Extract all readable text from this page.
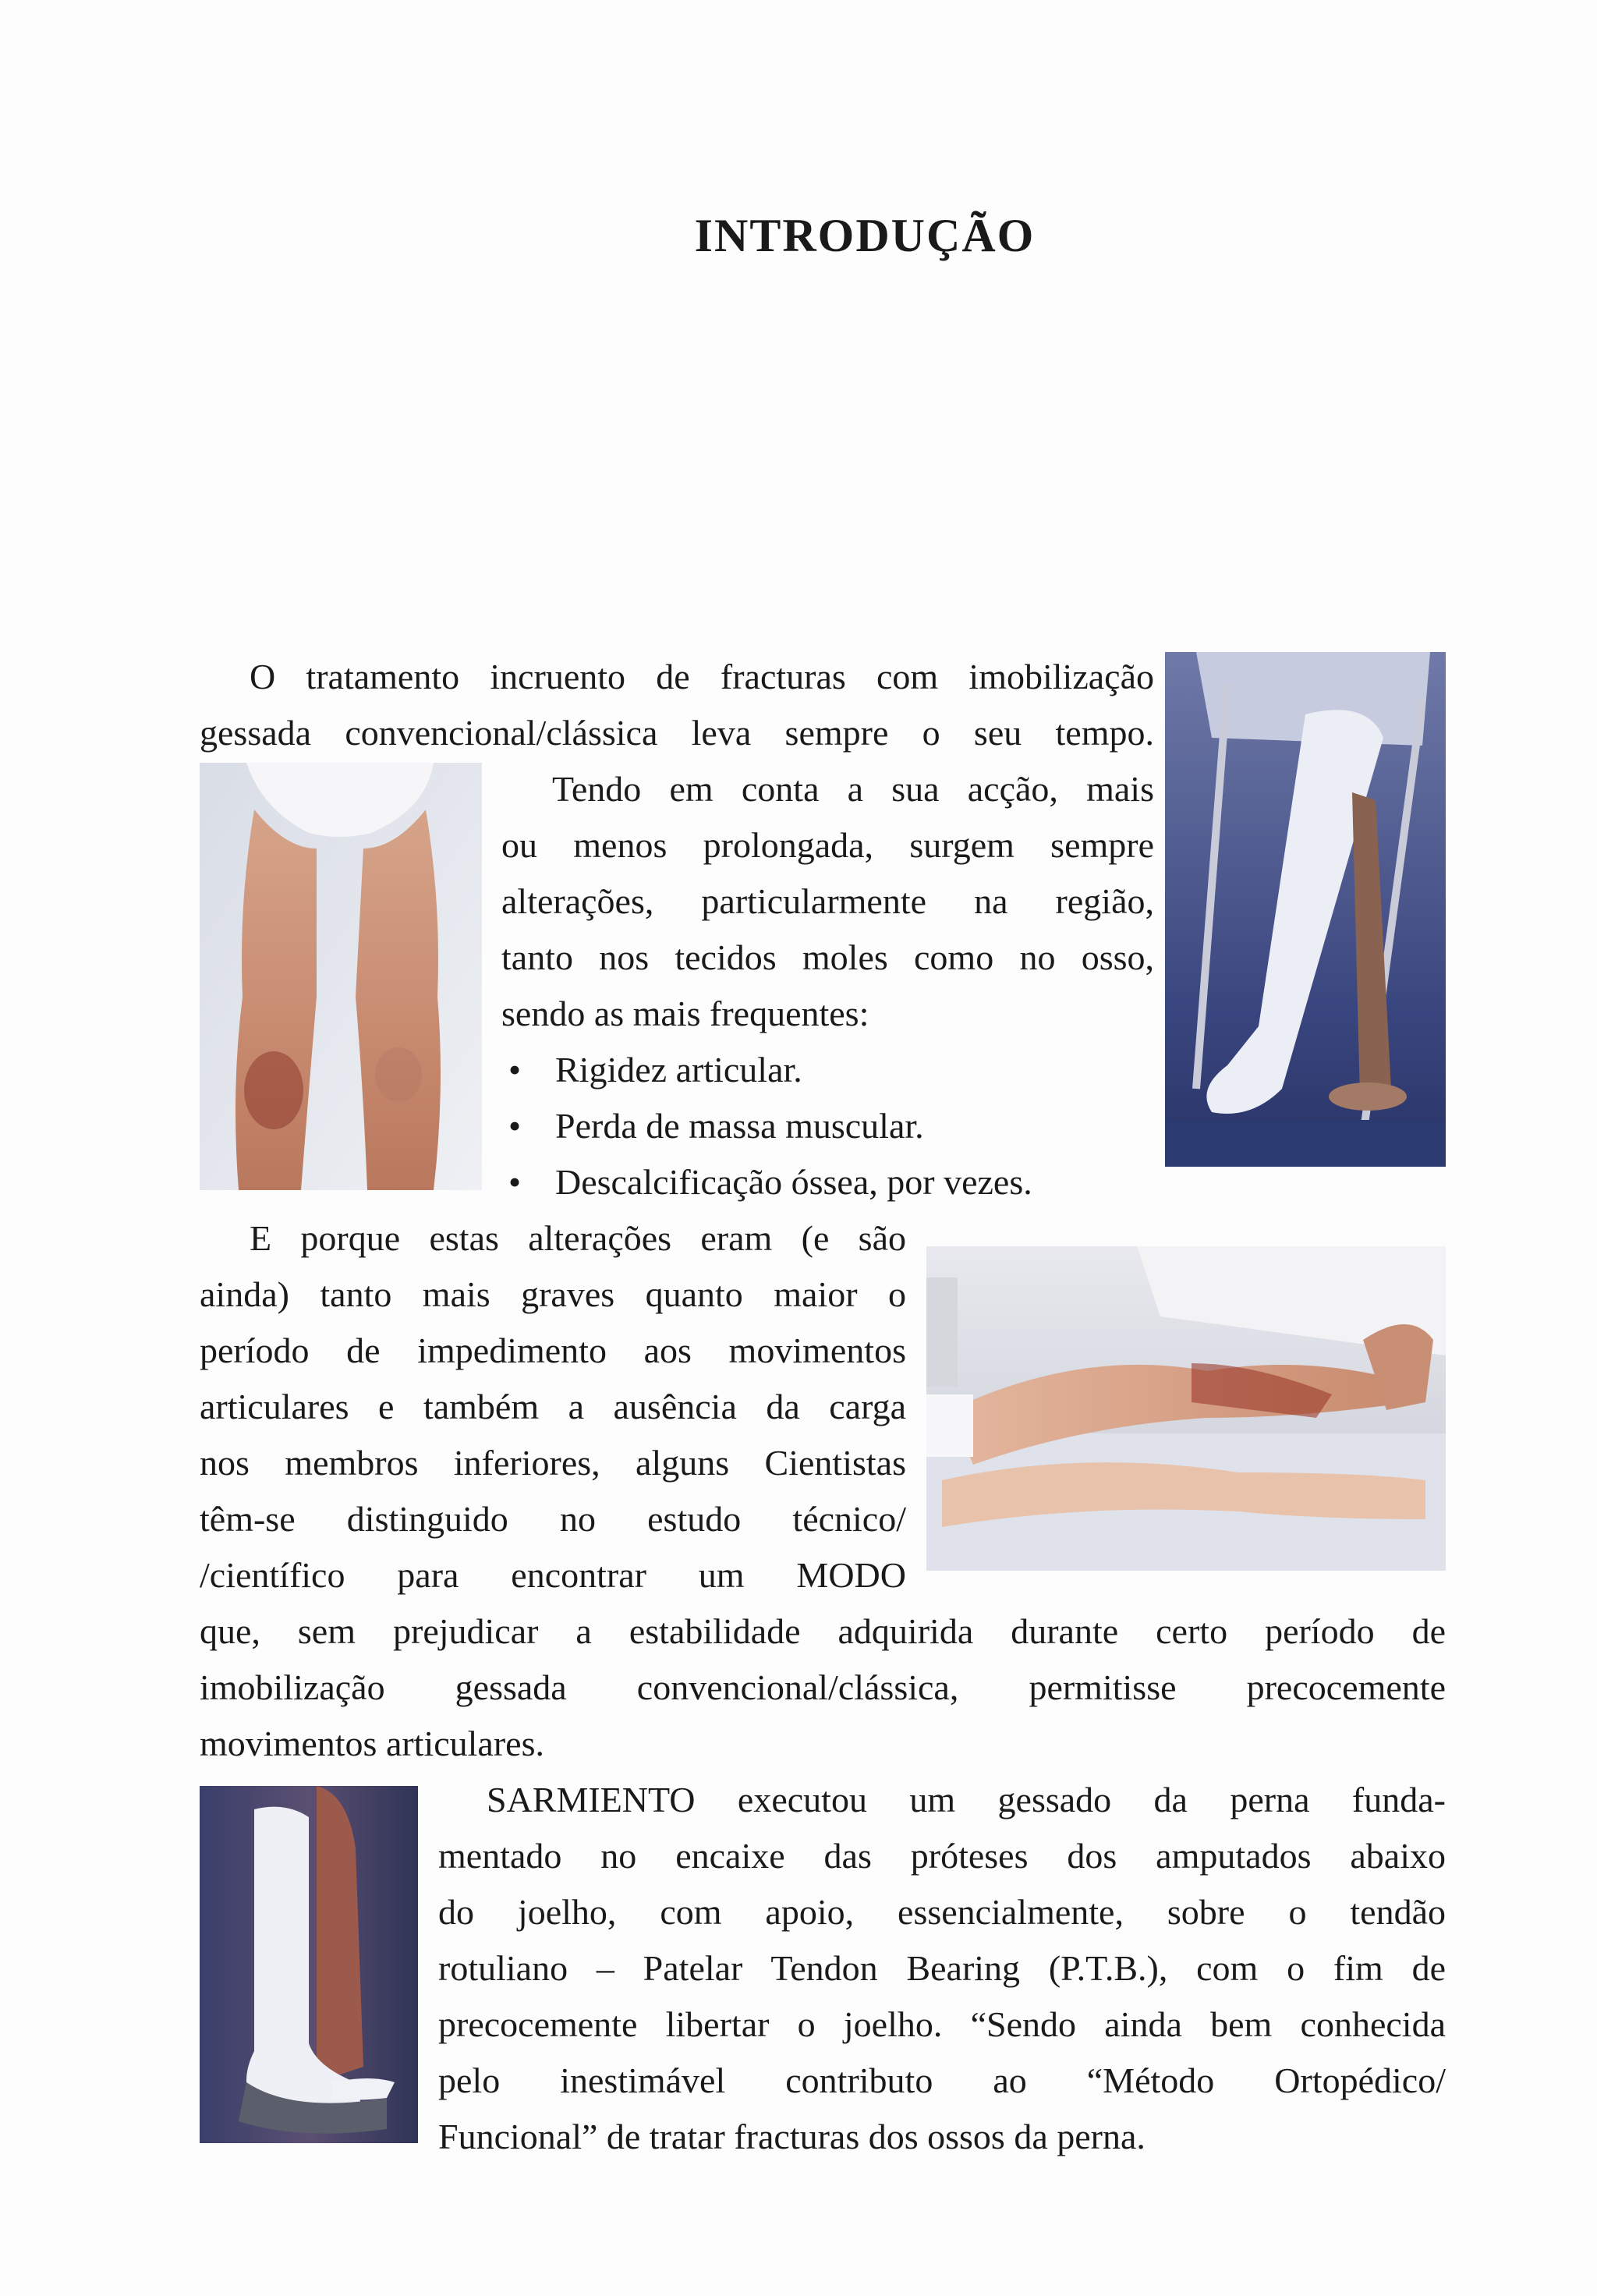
INTRODUÇÃO
O tratamento incruento de fracturas com imobilização
gessada convencional/clássica leva sempre o seu tempo.
Tendo em conta a sua acção, mais
ou menos prolongada, surgem sempre
alterações, particularmente na região,
tanto nos tecidos moles como no osso,
sendo as mais frequentes:
• Rigidez articular.
• Perda de massa muscular.
• Descalcificação óssea, por vezes.
E porque estas alterações eram (e são
ainda) tanto mais graves quanto maior o
período de impedimento aos movimentos
articulares e também a ausência da carga
nos membros inferiores, alguns Cientistas
têm-se distinguido no estudo técnico/
/científico para encontrar um MODO
que, sem prejudicar a estabilidade adquirida durante certo período de
imobilização gessada convencional/clássica, permitisse precocemente
movimentos articulares.
SARMIENTO executou um gessado da perna funda-
mentado no encaixe das próteses dos amputados abaixo
do joelho, com apoio, essencialmente, sobre o tendão
rotuliano – Patelar Tendon Bearing (P.T.B.), com o fim de
precocemente libertar o joelho. “Sendo ainda bem conhecida
pelo inestimável contributo ao “Método Ortopédico/
Funcional” de tratar fracturas dos ossos da perna.
